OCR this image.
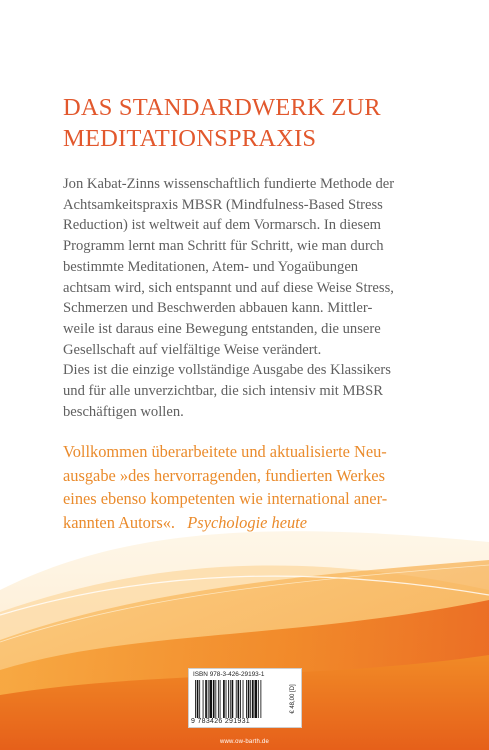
DAS STANDARDWERK ZUR
MEDITATIONSPRAXIS
Jon Kabat-Zinns wissenschaftlich fundierte Methode der
Achtsamkeitspraxis MBSR (Mindfulness-Based Stress
Reduction) ist weltweit auf dem Vormarsch. In diesem
Programm lernt man Schritt für Schritt, wie man durch
bestimmte Meditationen, Atem- und Yogaübungen
achtsam wird, sich entspannt und auf diese Weise Stress,
Schmerzen und Beschwerden abbauen kann. Mittler-
weile ist daraus eine Bewegung entstanden, die unsere
Gesellschaft auf vielfältige Weise verändert.
Dies ist die einzige vollständige Ausgabe des Klassikers
und für alle unverzichtbar, die sich intensiv mit MBSR
beschäftigen wollen.
Vollkommen überarbeitete und aktualisierte Neu-
ausgabe »des hervorragenden, fundierten Werkes
eines ebenso kompetenten wie international aner-
kannten Autors«. Psychologie heute
ISBN 978-3-426-29193-1
9 783426 291931
€ 48,00 [D]
www.ow-barth.de
